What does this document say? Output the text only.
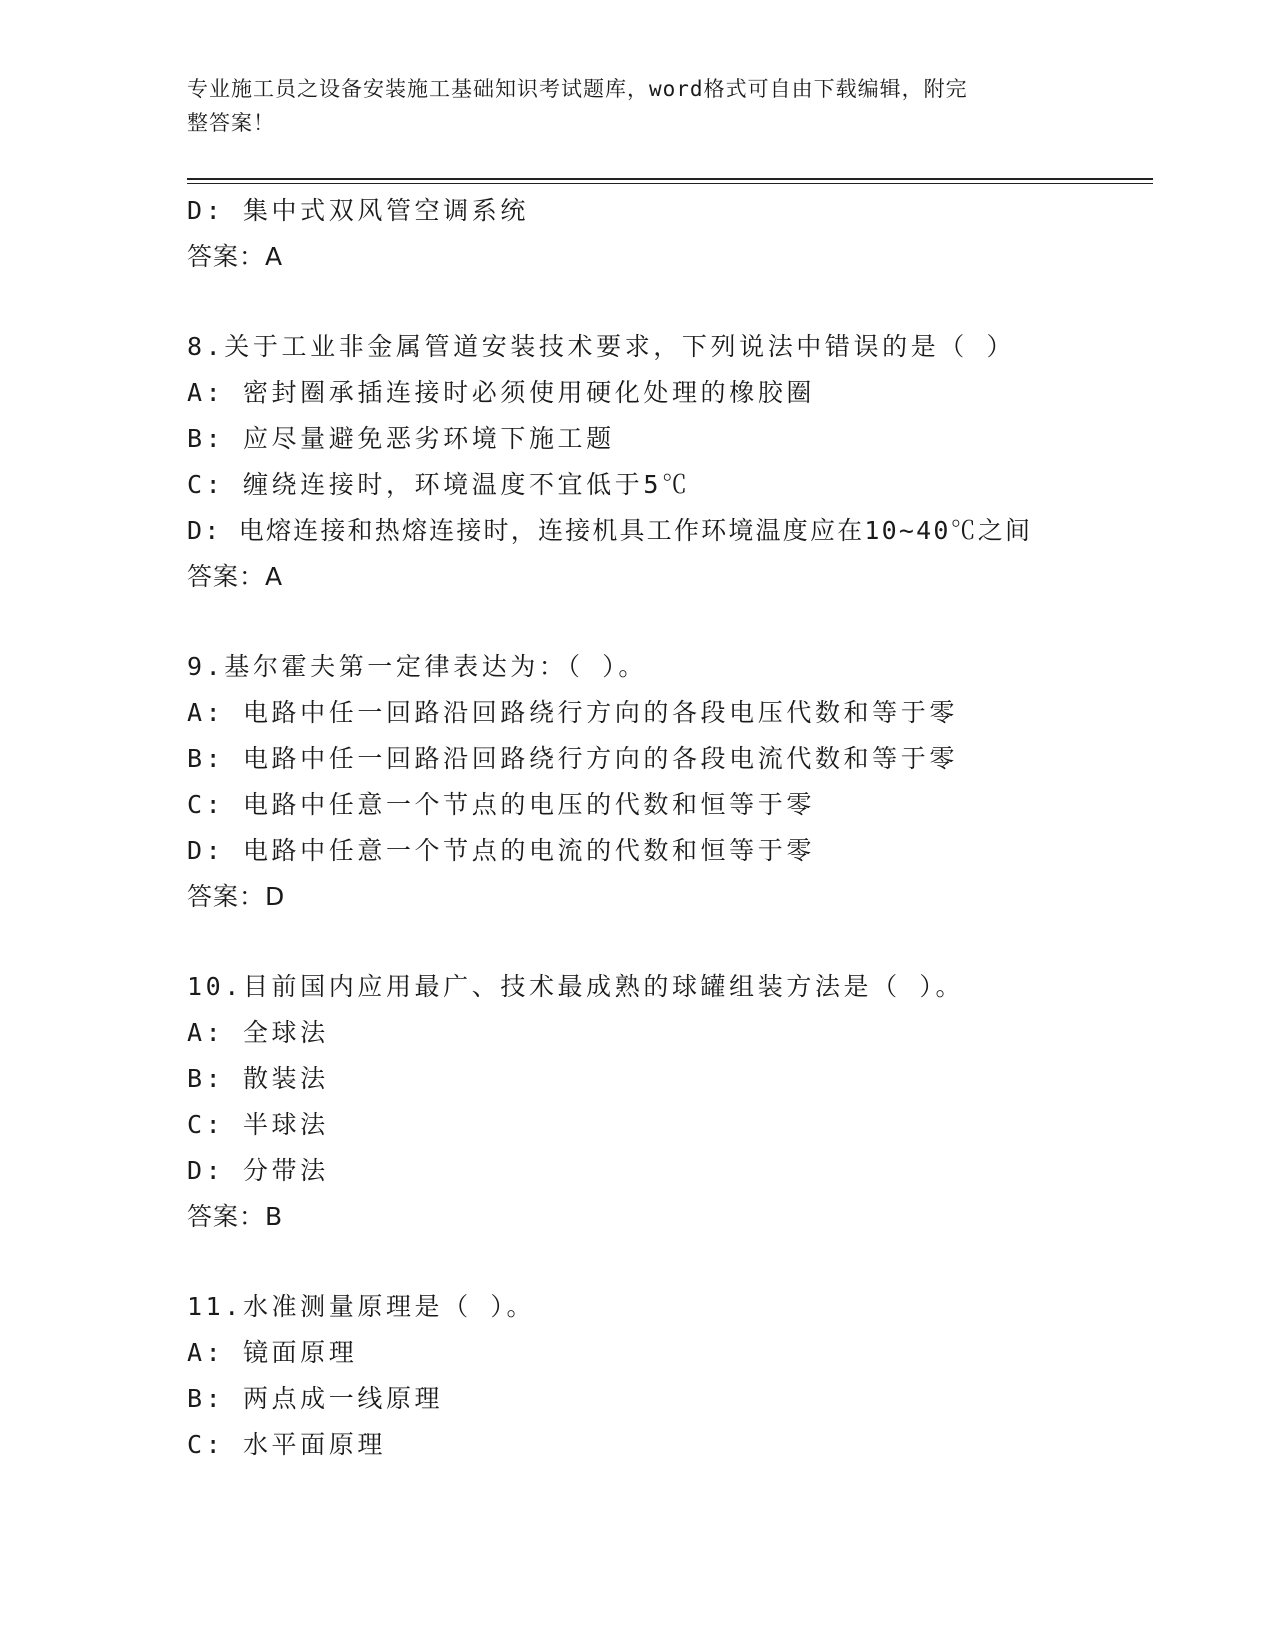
专业施工员之设备安装施工基础知识考试题库，word格式可自由下载编辑，附完
整答案！
D: 集中式双风管空调系统
答案：A
8.关于工业非金属管道安装技术要求，下列说法中错误的是（ ）
A: 密封圈承插连接时必须使用硬化处理的橡胶圈
B: 应尽量避免恶劣环境下施工题
C: 缠绕连接时，环境温度不宜低于5℃
D: 电熔连接和热熔连接时，连接机具工作环境温度应在10~40℃之间
答案：A
9.基尔霍夫第一定律表达为：（ ）。
A: 电路中任一回路沿回路绕行方向的各段电压代数和等于零
B: 电路中任一回路沿回路绕行方向的各段电流代数和等于零
C: 电路中任意一个节点的电压的代数和恒等于零
D: 电路中任意一个节点的电流的代数和恒等于零
答案：D
10.目前国内应用最广、技术最成熟的球罐组装方法是（ ）。
A: 全球法
B: 散装法
C: 半球法
D: 分带法
答案：B
11.水准测量原理是（ ）。
A: 镜面原理
B: 两点成一线原理
C: 水平面原理
